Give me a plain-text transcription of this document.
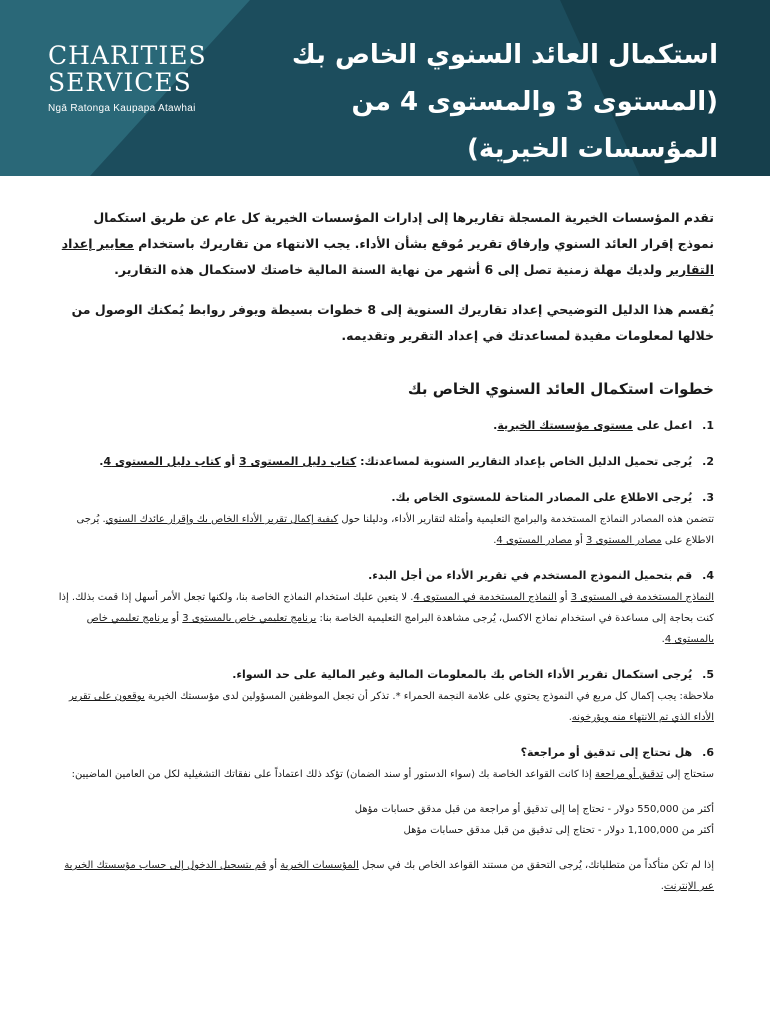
CHARITIES
SERVICES
Ngā Ratonga Kaupapa Atawhai
استكمال العائد السنوي الخاص بك
(المستوى 3 والمستوى 4 من المؤسسات الخيرية)

تقدم المؤسسات الخيرية المسجلة تقاريرها إلى إدارات المؤسسات الخيرية كل عام عن طريق استكمال نموذج إقرار العائد السنوي وإرفاق تقرير مُوقع بشأن الأداء. يجب الانتهاء من تقاريرك باستخدام معايير إعداد التقارير ولديك مهلة زمنية تصل إلى 6 أشهر من نهاية السنة المالية خاصتك لاستكمال هذه التقارير.

يُقسم هذا الدليل التوضيحي إعداد تقاريرك السنوية إلى 8 خطوات بسيطة ويوفر روابط يُمكنك الوصول من خلالها لمعلومات مفيدة لمساعدتك في إعداد التقرير وتقديمه.

خطوات استكمال العائد السنوي الخاص بك
1.اعمل على مستوى مؤسستك الخيرية.
2.يُرجى تحميل الدليل الخاص بإعداد التقارير السنوية لمساعدتك: كتاب دليل المستوى 3 أو كتاب دليل المستوى 4.
3.يُرجى الاطلاع على المصادر المتاحة للمستوى الخاص بك.
تتضمن هذه المصادر النماذج المستخدمة والبرامج التعليمية وأمثلة لتقارير الأداء، ودليلنا حول كيفية إكمال تقرير الأداء الخاص بك وإقرار عائدك السنوي. يُرجى الاطلاع على مصادر المستوى 3 أو مصادر المستوى 4.
4.قم بتحميل النموذج المستخدم في تقرير الأداء من أجل البدء.
النماذج المستخدمة في المستوى 3 أو النماذج المستخدمة في المستوى 4. لا يتعين عليك استخدام النماذج الخاصة بنا، ولكنها تجعل الأمر أسهل إذا قمت بذلك. إذا كنت بحاجة إلى مساعدة في استخدام نماذج الاكسل، يُرجى مشاهدة البرامج التعليمية الخاصة بنا: برنامج تعليمي خاص بالمستوى 3 أو برنامج تعليمي خاص بالمستوى 4.
5.يُرجى استكمال تقرير الأداء الخاص بك بالمعلومات المالية وغير المالية على حد السواء.
ملاحظة: يجب إكمال كل مربع في النموذج يحتوي على علامة النجمة الحمراء *. تذكر أن تجعل الموظفين المسؤولين لدى مؤسستك الخيرية يوقعون على تقرير الأداء الذي تم الانتهاء منه ويؤرخونه.
6.هل تحتاج إلى تدقيق أو مراجعة؟
ستحتاج إلى تدقيق أو مراجعة إذا كانت القواعد الخاصة بك (سواء الدستور أو سند الضمان) تؤكد ذلك اعتماداً على نفقاتك التشغيلية لكل من العامين الماضيين:
أكثر من 550,000 دولار - تحتاج إما إلى تدقيق أو مراجعة من قبل مدقق حسابات مؤهل
أكثر من 1,100,000 دولار - تحتاج إلى تدقيق من قبل مدقق حسابات مؤهل
إذا لم تكن متأكداً من متطلباتك، يُرجى التحقق من مستند القواعد الخاص بك في سجل المؤسسات الخيرية أو قم بتسجيل الدخول إلى حساب مؤسستك الخيرية عبر الإنترنت.
